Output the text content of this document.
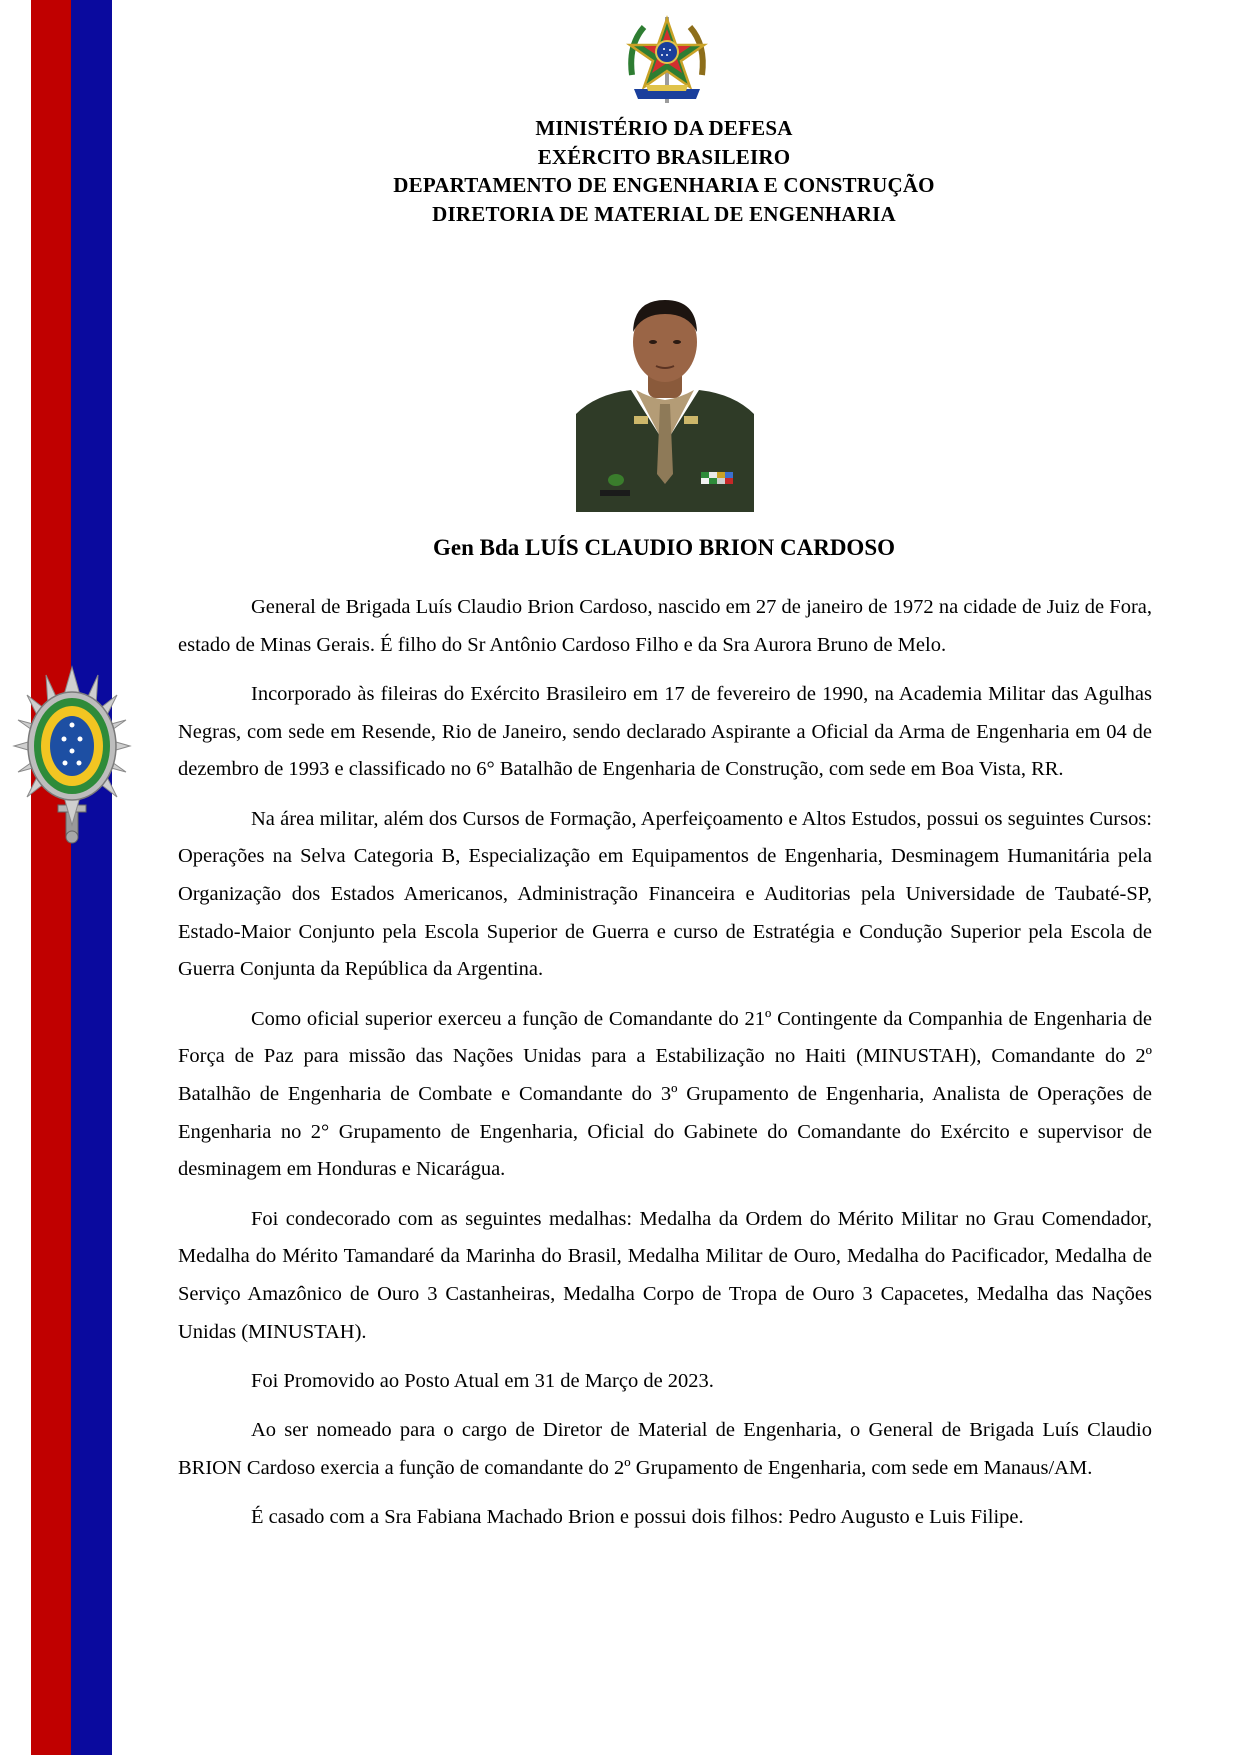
MINISTÉRIO DA DEFESA
EXÉRCITO BRASILEIRO
DEPARTAMENTO DE ENGENHARIA E CONSTRUÇÃO
DIRETORIA DE MATERIAL DE ENGENHARIA
Gen Bda LUÍS CLAUDIO BRION CARDOSO

General de Brigada Luís Claudio Brion Cardoso, nascido em 27 de janeiro de 1972 na cidade de Juiz de Fora, estado de Minas Gerais. É filho do Sr Antônio Cardoso Filho e da Sra Aurora Bruno de Melo.

Incorporado às fileiras do Exército Brasileiro em 17 de fevereiro de 1990, na Academia Militar das Agulhas Negras, com sede em Resende, Rio de Janeiro, sendo declarado Aspirante a Oficial da Arma de Engenharia em 04 de dezembro de 1993 e classificado no 6° Batalhão de Engenharia de Construção, com sede em Boa Vista, RR.

Na área militar, além dos Cursos de Formação, Aperfeiçoamento e Altos Estudos, possui os seguintes Cursos: Operações na Selva Categoria B, Especialização em Equipamentos de Engenharia, Desminagem Humanitária pela Organização dos Estados Americanos, Administração Financeira e Auditorias pela Universidade de Taubaté-SP, Estado-Maior Conjunto pela Escola Superior de Guerra e curso de Estratégia e Condução Superior pela Escola de Guerra Conjunta da República da Argentina.

Como oficial superior exerceu a função de Comandante do 21º Contingente da Companhia de Engenharia de Força de Paz para missão das Nações Unidas para a Estabilização no Haiti (MINUSTAH), Comandante do 2º Batalhão de Engenharia de Combate e Comandante do 3º Grupamento de Engenharia, Analista de Operações de Engenharia no 2° Grupamento de Engenharia, Oficial do Gabinete do Comandante do Exército e supervisor de desminagem em Honduras e Nicarágua.

Foi condecorado com as seguintes medalhas: Medalha da Ordem do Mérito Militar no Grau Comendador, Medalha do Mérito Tamandaré da Marinha do Brasil, Medalha Militar de Ouro, Medalha do Pacificador, Medalha de Serviço Amazônico de Ouro 3 Castanheiras, Medalha Corpo de Tropa de Ouro 3 Capacetes, Medalha das Nações Unidas (MINUSTAH).

Foi Promovido ao Posto Atual em 31 de Março de 2023.

Ao ser nomeado para o cargo de Diretor de Material de Engenharia, o General de Brigada Luís Claudio BRION Cardoso exercia a função de comandante do 2º Grupamento de Engenharia, com sede em Manaus/AM.

É casado com a Sra Fabiana Machado Brion e possui dois filhos: Pedro Augusto e Luis Filipe.
